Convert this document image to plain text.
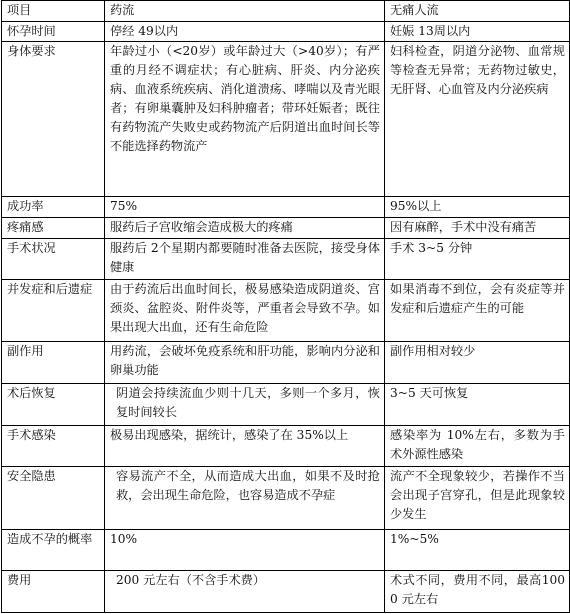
项目	药流	无痛人流
怀孕时间	停经 49以内	妊娠 13周以内
身体要求	年龄过小（<20岁）或年龄过大（>40岁）；有严重的月经不调症状；有心脏病、肝炎、内分泌疾病、血液系统疾病、消化道溃疡、哮喘以及青光眼者；有卵巢囊肿及妇科肿瘤者；带环妊娠者；既往有药物流产失败史或药物流产后阴道出血时间长等不能选择药物流产	妇科检查，阴道分泌物、血常规等检查无异常；无药物过敏史，无肝肾、心血管及内分泌疾病
成功率	75%	95%以上
疼痛感	服药后子宫收缩会造成极大的疼痛	因有麻醉，手术中没有痛苦
手术状况	服药后 2个星期内都要随时准备去医院，接受身体健康	手术 3~5 分钟
并发症和后遗症	由于药流后出血时间长，极易感染造成阴道炎、宫颈炎、盆腔炎、附件炎等，严重者会导致不孕。如果出现大出血，还有生命危险	如果消毒不到位，会有炎症等并发症和后遗症产生的可能
副作用	用药流，会破坏免疫系统和肝功能，影响内分泌和卵巢功能	副作用相对较少
术后恢复	阴道会持续流血少则十几天，多则一个多月，恢复时间较长	3~5 天可恢复
手术感染	极易出现感染，据统计，感染了在 35%以上	感染率为 10%左右，多数为手术外源性感染
安全隐患	容易流产不全，从而造成大出血，如果不及时抢救，会出现生命危险，也容易造成不孕症	流产不全现象较少，若操作不当会出现子宫穿孔，但是此现象较少发生
造成不孕的概率	10%	1%~5%
费用	200 元左右（不含手术费）	术式不同，费用不同，最高1000 元左右
